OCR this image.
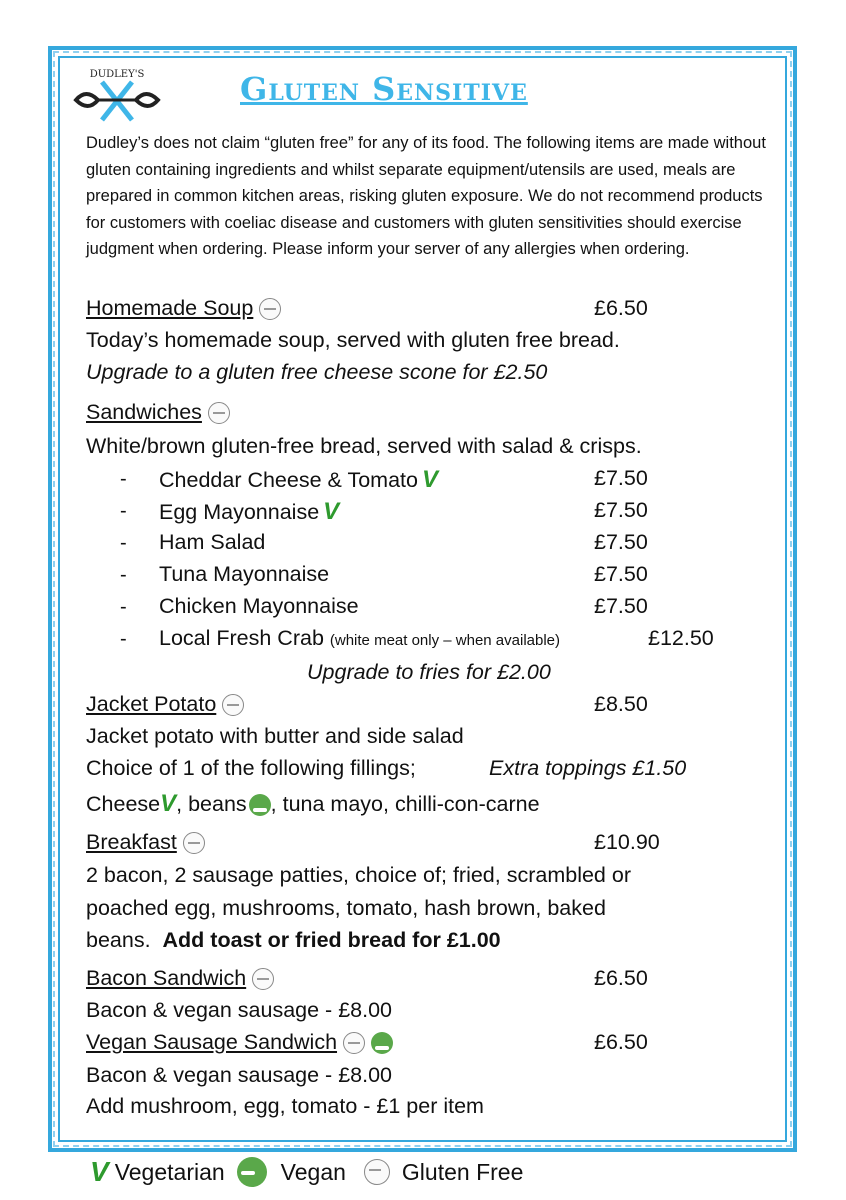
DUDLEY'S	Gluten Sensitive
Dudley’s does not claim “gluten free” for any of its food. The following items are made without gluten containing ingredients and whilst separate equipment/utensils are used, meals are prepared in common kitchen areas, risking gluten exposure. We do not recommend products for customers with coeliac disease and customers with gluten sensitivities should exercise judgment when ordering. Please inform your server of any allergies when ordering.
Homemade Soup	£6.50
Today’s homemade soup, served with gluten free bread.
Upgrade to a gluten free cheese scone for £2.50
Sandwiches
White/brown gluten-free bread, served with salad & crisps.
- Cheddar Cheese & Tomato V	£7.50
- Egg Mayonnaise V	£7.50
- Ham Salad	£7.50
- Tuna Mayonnaise	£7.50
- Chicken Mayonnaise	£7.50
- Local Fresh Crab (white meat only – when available)	£12.50
Upgrade to fries for £2.00
Jacket Potato	£8.50
Jacket potato with butter and side salad
Choice of 1 of the following fillings;	Extra toppings £1.50
CheeseV, beans , tuna mayo, chilli-con-carne
Breakfast	£10.90
2 bacon, 2 sausage patties, choice of; fried, scrambled or
poached egg, mushrooms, tomato, hash brown, baked
beans. Add toast or fried bread for £1.00
Bacon Sandwich	£6.50
Bacon & vegan sausage - £8.00
Vegan Sausage Sandwich	£6.50
Bacon & vegan sausage - £8.00
Add mushroom, egg, tomato - £1 per item
V Vegetarian Vegan Gluten Free
